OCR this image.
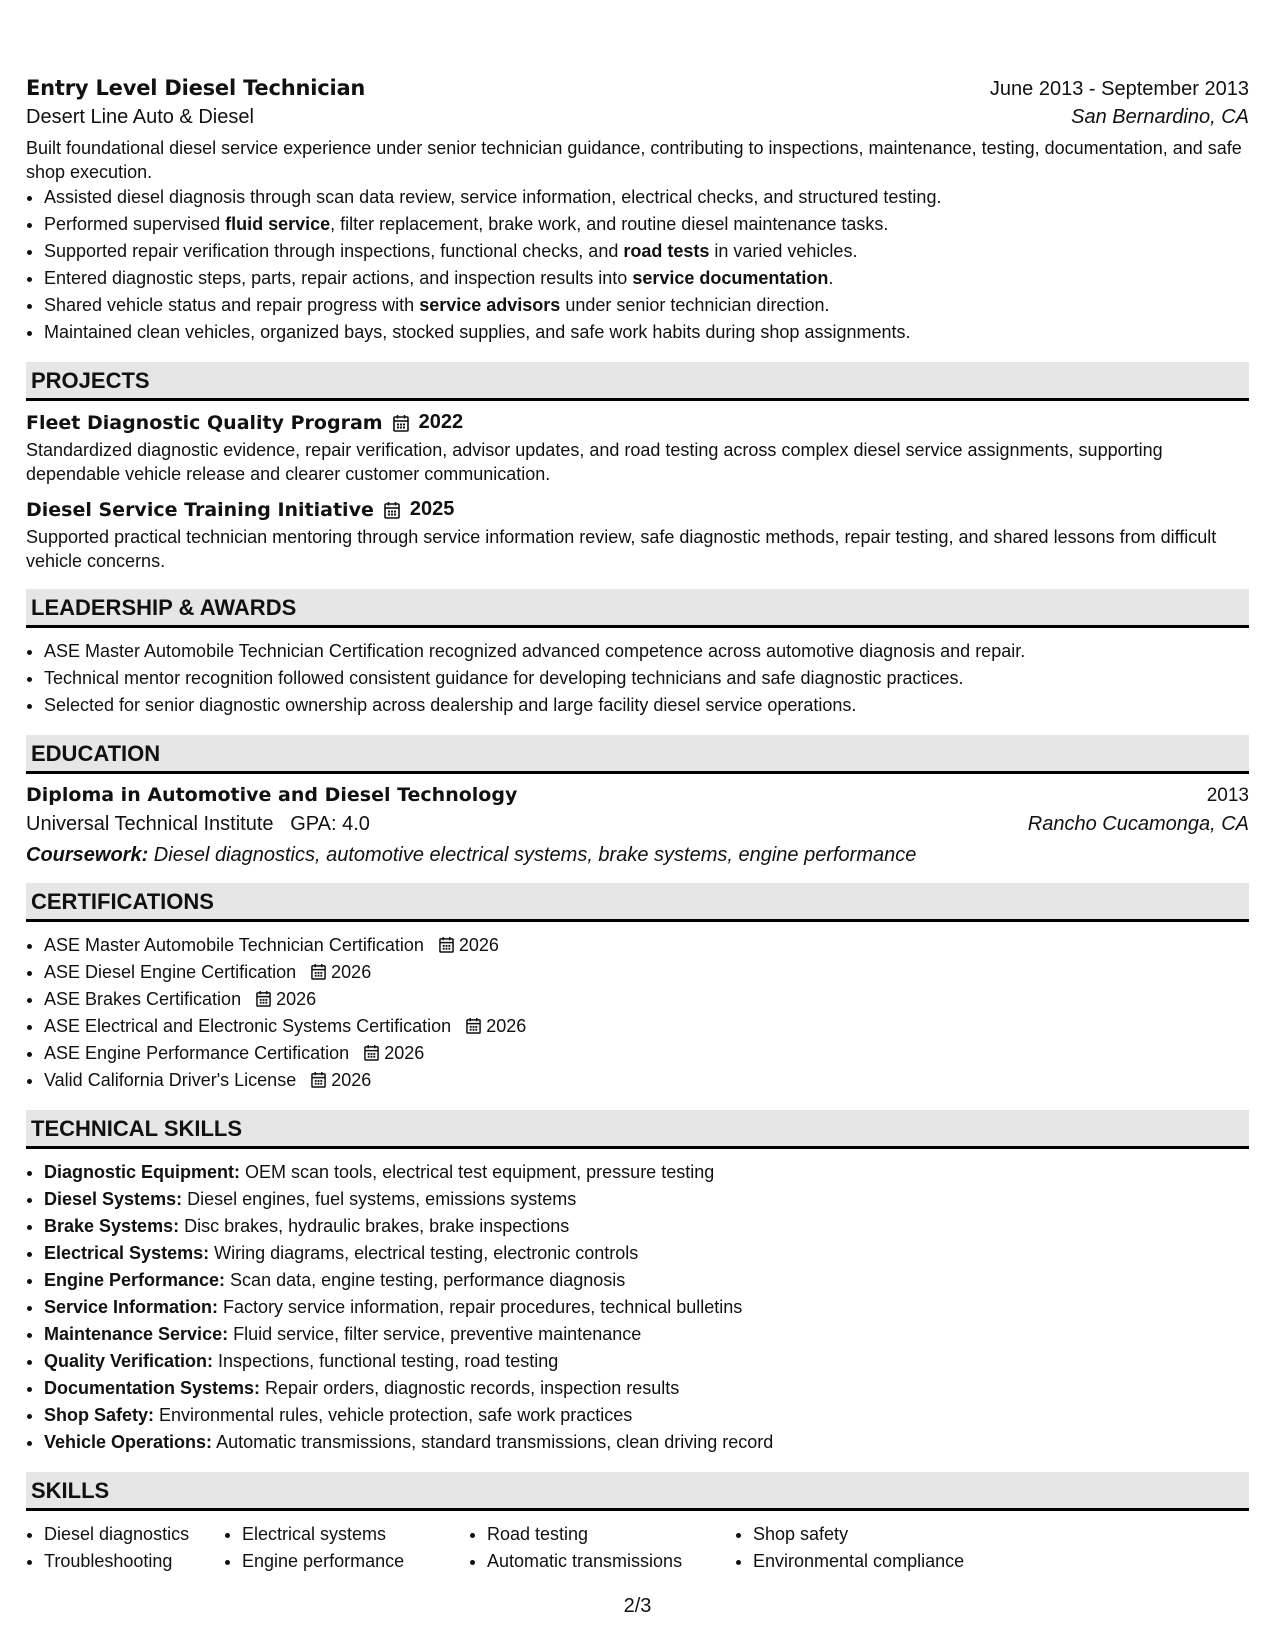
Entry Level Diesel Technician	June 2013 - September 2013
Desert Line Auto & Diesel	San Bernardino, CA
Built foundational diesel service experience under senior technician guidance, contributing to inspections, maintenance, testing, documentation, and safe shop execution.
• Assisted diesel diagnosis through scan data review, service information, electrical checks, and structured testing.
• Performed supervised fluid service, filter replacement, brake work, and routine diesel maintenance tasks.
• Supported repair verification through inspections, functional checks, and road tests in varied vehicles.
• Entered diagnostic steps, parts, repair actions, and inspection results into service documentation.
• Shared vehicle status and repair progress with service advisors under senior technician direction.
• Maintained clean vehicles, organized bays, stocked supplies, and safe work habits during shop assignments.
PROJECTS
Fleet Diagnostic Quality Program 2022
Standardized diagnostic evidence, repair verification, advisor updates, and road testing across complex diesel service assignments, supporting dependable vehicle release and clearer customer communication.
Diesel Service Training Initiative 2025
Supported practical technician mentoring through service information review, safe diagnostic methods, repair testing, and shared lessons from difficult vehicle concerns.
LEADERSHIP & AWARDS
• ASE Master Automobile Technician Certification recognized advanced competence across automotive diagnosis and repair.
• Technical mentor recognition followed consistent guidance for developing technicians and safe diagnostic practices.
• Selected for senior diagnostic ownership across dealership and large facility diesel service operations.
EDUCATION
Diploma in Automotive and Diesel Technology	2013
Universal Technical Institute GPA: 4.0	Rancho Cucamonga, CA
Coursework: Diesel diagnostics, automotive electrical systems, brake systems, engine performance
CERTIFICATIONS
• ASE Master Automobile Technician Certification 2026
• ASE Diesel Engine Certification 2026
• ASE Brakes Certification 2026
• ASE Electrical and Electronic Systems Certification 2026
• ASE Engine Performance Certification 2026
• Valid California Driver's License 2026
TECHNICAL SKILLS
• Diagnostic Equipment: OEM scan tools, electrical test equipment, pressure testing
• Diesel Systems: Diesel engines, fuel systems, emissions systems
• Brake Systems: Disc brakes, hydraulic brakes, brake inspections
• Electrical Systems: Wiring diagrams, electrical testing, electronic controls
• Engine Performance: Scan data, engine testing, performance diagnosis
• Service Information: Factory service information, repair procedures, technical bulletins
• Maintenance Service: Fluid service, filter service, preventive maintenance
• Quality Verification: Inspections, functional testing, road testing
• Documentation Systems: Repair orders, diagnostic records, inspection results
• Shop Safety: Environmental rules, vehicle protection, safe work practices
• Vehicle Operations: Automatic transmissions, standard transmissions, clean driving record
SKILLS
• Diesel diagnostics
• Troubleshooting
• Electrical systems
• Engine performance
• Road testing
• Automatic transmissions
• Shop safety
• Environmental compliance
2/3
